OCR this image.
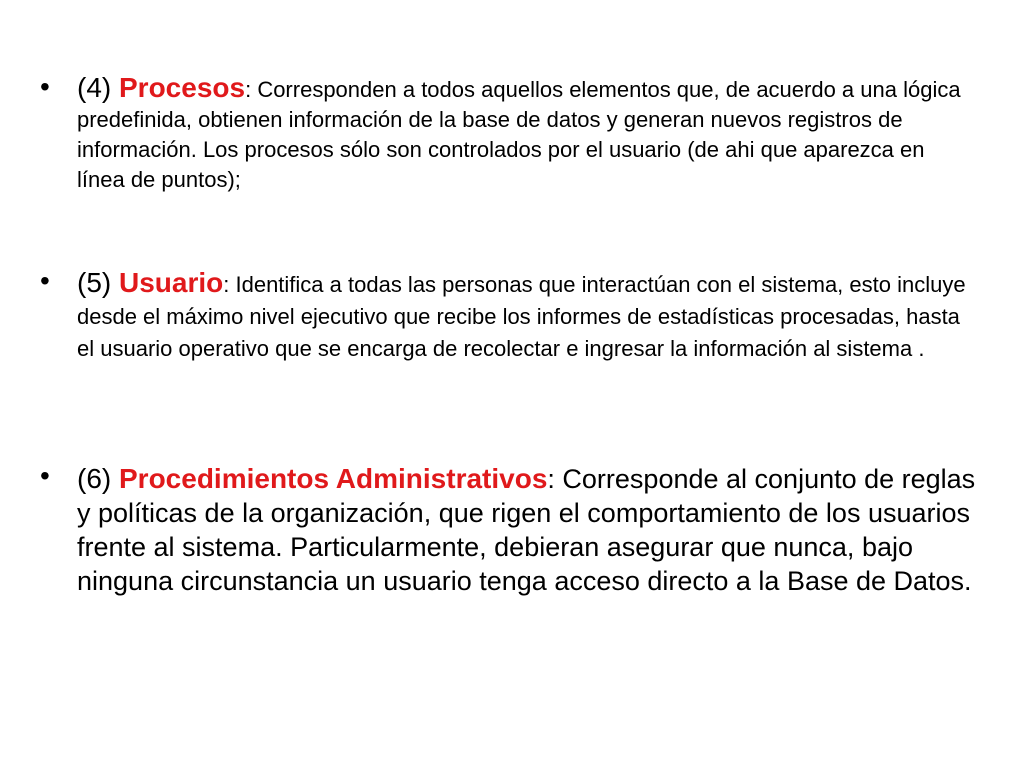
• (4) Procesos: Corresponden a todos aquellos elementos que, de acuerdo a una lógica predefinida, obtienen información de la base de datos y generan nuevos registros de información. Los procesos sólo son controlados por el usuario (de ahi que aparezca en línea de puntos);
• (5) Usuario: Identifica a todas las personas que interactúan con el sistema, esto incluye desde el máximo nivel ejecutivo que recibe los informes de estadísticas procesadas, hasta el usuario operativo que se encarga de recolectar e ingresar la información al sistema .
• (6) Procedimientos Administrativos: Corresponde al conjunto de reglas y políticas de la organización, que rigen el comportamiento de los usuarios frente al sistema. Particularmente, debieran asegurar que nunca, bajo ninguna circunstancia un usuario tenga acceso directo a la Base de Datos.
